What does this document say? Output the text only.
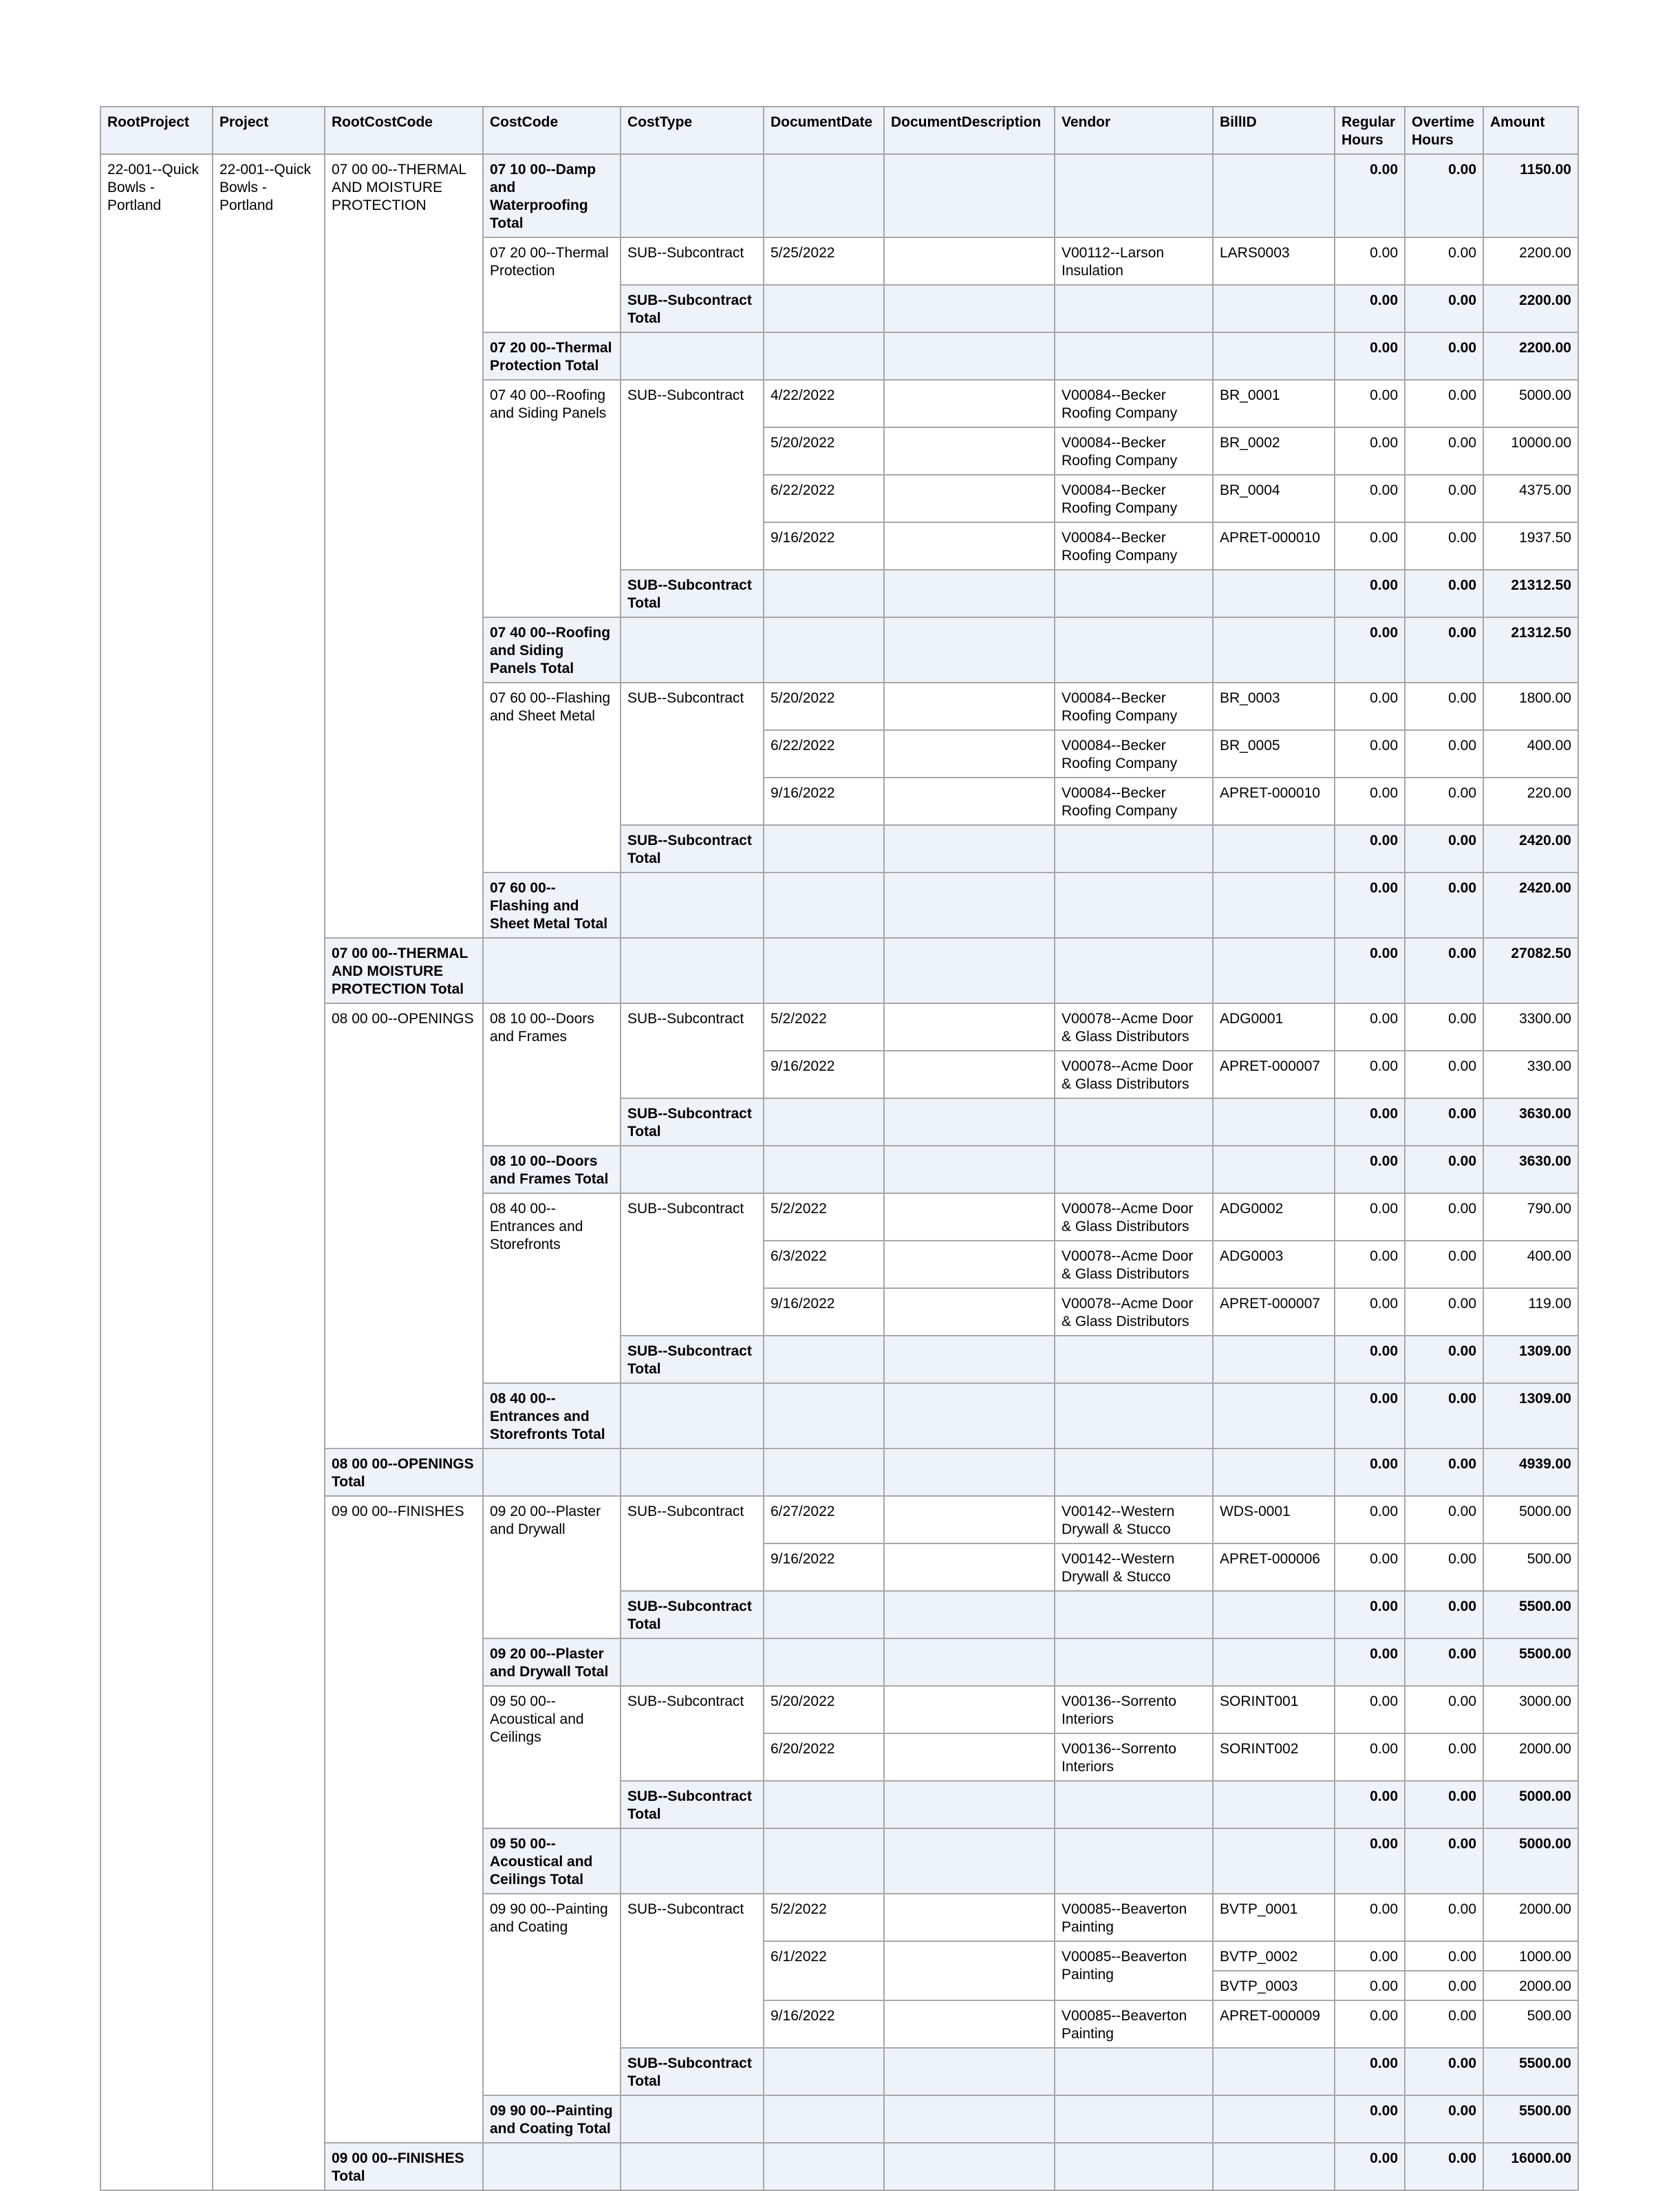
RootProject	Project	RootCostCode	CostCode	CostType	DocumentDate	DocumentDescription	Vendor	BillID	Regular Hours	Overtime Hours	Amount
22-001--Quick Bowls - Portland	22-001--Quick Bowls - Portland	07 00 00--THERMAL AND MOISTURE PROTECTION	07 10 00--Damp and Waterproofing Total						0.00	0.00	1150.00
			07 20 00--Thermal Protection	SUB--Subcontract	5/25/2022		V00112--Larson Insulation	LARS0003	0.00	0.00	2200.00
				SUB--Subcontract Total					0.00	0.00	2200.00
			07 20 00--Thermal Protection Total						0.00	0.00	2200.00
			07 40 00--Roofing and Siding Panels	SUB--Subcontract	4/22/2022		V00084--Becker Roofing Company	BR_0001	0.00	0.00	5000.00
					5/20/2022		V00084--Becker Roofing Company	BR_0002	0.00	0.00	10000.00
					6/22/2022		V00084--Becker Roofing Company	BR_0004	0.00	0.00	4375.00
					9/16/2022		V00084--Becker Roofing Company	APRET-000010	0.00	0.00	1937.50
				SUB--Subcontract Total					0.00	0.00	21312.50
			07 40 00--Roofing and Siding Panels Total						0.00	0.00	21312.50
			07 60 00--Flashing and Sheet Metal	SUB--Subcontract	5/20/2022		V00084--Becker Roofing Company	BR_0003	0.00	0.00	1800.00
					6/22/2022		V00084--Becker Roofing Company	BR_0005	0.00	0.00	400.00
					9/16/2022		V00084--Becker Roofing Company	APRET-000010	0.00	0.00	220.00
				SUB--Subcontract Total					0.00	0.00	2420.00
			07 60 00--Flashing and Sheet Metal Total						0.00	0.00	2420.00
		07 00 00--THERMAL AND MOISTURE PROTECTION Total							0.00	0.00	27082.50
		08 00 00--OPENINGS	08 10 00--Doors and Frames	SUB--Subcontract	5/2/2022		V00078--Acme Door & Glass Distributors	ADG0001	0.00	0.00	3300.00
					9/16/2022		V00078--Acme Door & Glass Distributors	APRET-000007	0.00	0.00	330.00
				SUB--Subcontract Total					0.00	0.00	3630.00
			08 10 00--Doors and Frames Total						0.00	0.00	3630.00
			08 40 00--Entrances and Storefronts	SUB--Subcontract	5/2/2022		V00078--Acme Door & Glass Distributors	ADG0002	0.00	0.00	790.00
					6/3/2022		V00078--Acme Door & Glass Distributors	ADG0003	0.00	0.00	400.00
					9/16/2022		V00078--Acme Door & Glass Distributors	APRET-000007	0.00	0.00	119.00
				SUB--Subcontract Total					0.00	0.00	1309.00
			08 40 00--Entrances and Storefronts Total						0.00	0.00	1309.00
		08 00 00--OPENINGS Total							0.00	0.00	4939.00
		09 00 00--FINISHES	09 20 00--Plaster and Drywall	SUB--Subcontract	6/27/2022		V00142--Western Drywall & Stucco	WDS-0001	0.00	0.00	5000.00
					9/16/2022		V00142--Western Drywall & Stucco	APRET-000006	0.00	0.00	500.00
				SUB--Subcontract Total					0.00	0.00	5500.00
			09 20 00--Plaster and Drywall Total						0.00	0.00	5500.00
			09 50 00--Acoustical and Ceilings	SUB--Subcontract	5/20/2022		V00136--Sorrento Interiors	SORINT001	0.00	0.00	3000.00
					6/20/2022		V00136--Sorrento Interiors	SORINT002	0.00	0.00	2000.00
				SUB--Subcontract Total					0.00	0.00	5000.00
			09 50 00--Acoustical and Ceilings Total						0.00	0.00	5000.00
			09 90 00--Painting and Coating	SUB--Subcontract	5/2/2022		V00085--Beaverton Painting	BVTP_0001	0.00	0.00	2000.00
					6/1/2022		V00085--Beaverton Painting	BVTP_0002	0.00	0.00	1000.00
								BVTP_0003	0.00	0.00	2000.00
					9/16/2022		V00085--Beaverton Painting	APRET-000009	0.00	0.00	500.00
				SUB--Subcontract Total					0.00	0.00	5500.00
			09 90 00--Painting and Coating Total						0.00	0.00	5500.00
		09 00 00--FINISHES Total							0.00	0.00	16000.00
